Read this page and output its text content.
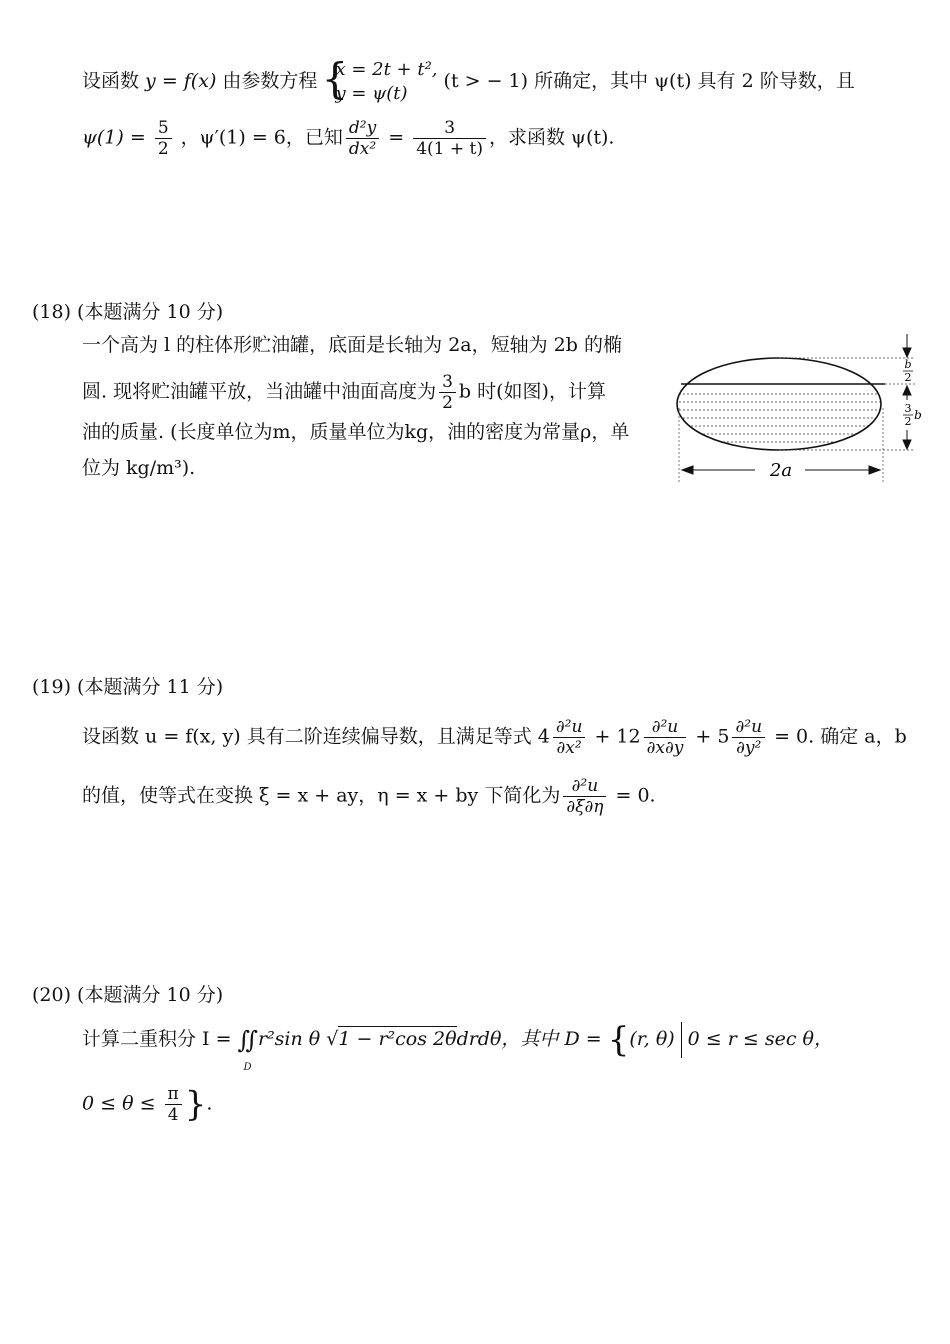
设函数 y = f(x) 由参数方程 {
x = 2t + t²,
y = ψ(t)
(t > − 1) 所确定，其中 ψ(t) 具有 2 阶导数，且
$\psi(1) = \frac{5}{2}$ ，ψ′(1) = 6，已知 $\frac{\text{d²y}}{\text{dx²}} = \frac{3}{4(1 + t)}$ ，求函数 ψ(t).
(18) (本题满分 10 分)
一个高为 l 的柱体形贮油罐，底面是长轴为 2a，短轴为 2b 的椭
圆. 现将贮油罐平放，当油罐中油面高度为 $\frac{3}{2}$ b 时(如图)，计算
油的质量. (长度单位为m，质量单位为kg，油的密度为常量ρ，单
位为 kg/m³).
b
2
3
2 b
2a
(19) (本题满分 11 分)
设函数 u = f(x, y) 具有二阶连续偏导数，且满足等式 $4 \frac{\text{∂²u}}{\text{∂x²}} + 12 \frac{\text{∂²u}}{\partial x\partial y} + 5 \frac{\text{∂²u}}{\text{∂y²}} = 0$. 确定 a，b
的值，使等式在变换 ξ = x + ay，η = x + by 下简化为 $\frac{\text{∂²u}}{\partial\xi\partial\eta} = 0$.
(20) (本题满分 10 分)
计算二重积分 I = ∬
D
r²sin θ √1 − r²cos 2θdrdθ，其中 D = {(r, θ) 0 ≤ r ≤ sec θ，
$0 \le \theta \le \frac{\pi}{4}$ }.
